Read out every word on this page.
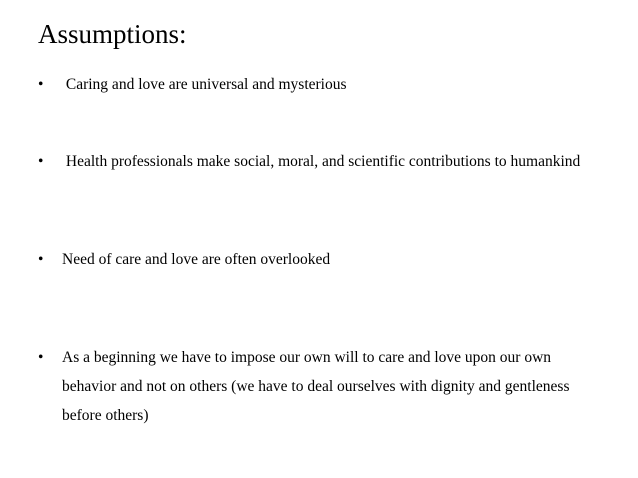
Assumptions:
•	Caring and love are universal and mysterious
•	Health professionals make social, moral, and scientific contributions to humankind
•	Need of care and love are often overlooked
•	As a beginning we have to impose our own will to care and love upon our own behavior and not on others (we have to deal ourselves with dignity and gentleness before others)
